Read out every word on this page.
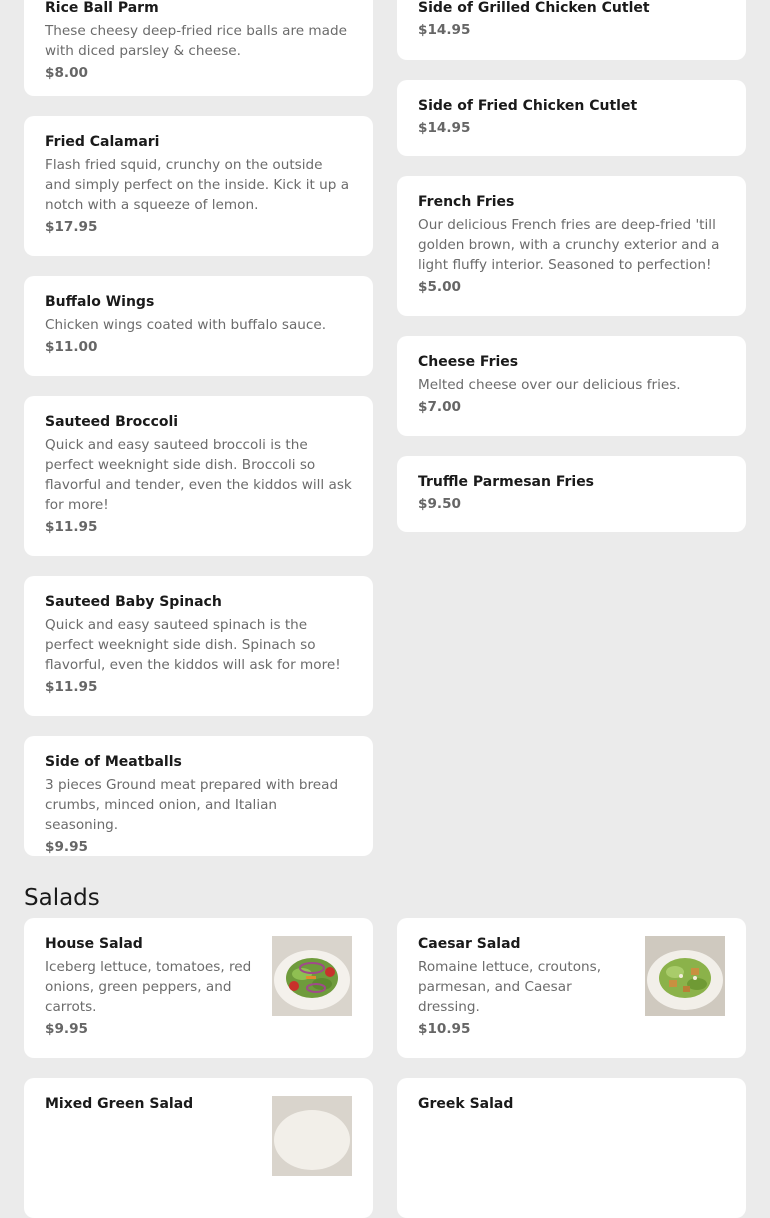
Rice Ball Parm
These cheesy deep-fried rice balls are made with diced parsley & cheese.
$8.00
Fried Calamari
Flash fried squid, crunchy on the outside and simply perfect on the inside. Kick it up a notch with a squeeze of lemon.
$17.95
Buffalo Wings
Chicken wings coated with buffalo sauce.
$11.00
Sauteed Broccoli
Quick and easy sauteed broccoli is the perfect weeknight side dish. Broccoli so flavorful and tender, even the kiddos will ask for more!
$11.95
Sauteed Baby Spinach
Quick and easy sauteed spinach is the perfect weeknight side dish. Spinach so flavorful, even the kiddos will ask for more!
$11.95
Side of Meatballs
3 pieces Ground meat prepared with bread crumbs, minced onion, and Italian seasoning.
$9.95
Side of Grilled Chicken Cutlet
$14.95
Side of Fried Chicken Cutlet
$14.95
French Fries
Our delicious French fries are deep-fried 'till golden brown, with a crunchy exterior and a light fluffy interior. Seasoned to perfection!
$5.00
Cheese Fries
Melted cheese over our delicious fries.
$7.00
Truffle Parmesan Fries
$9.50
Salads
House Salad
Iceberg lettuce, tomatoes, red onions, green peppers, and carrots.
$9.95
Caesar Salad
Romaine lettuce, croutons, parmesan, and Caesar dressing.
$10.95
Mixed Green Salad	Greek Salad
